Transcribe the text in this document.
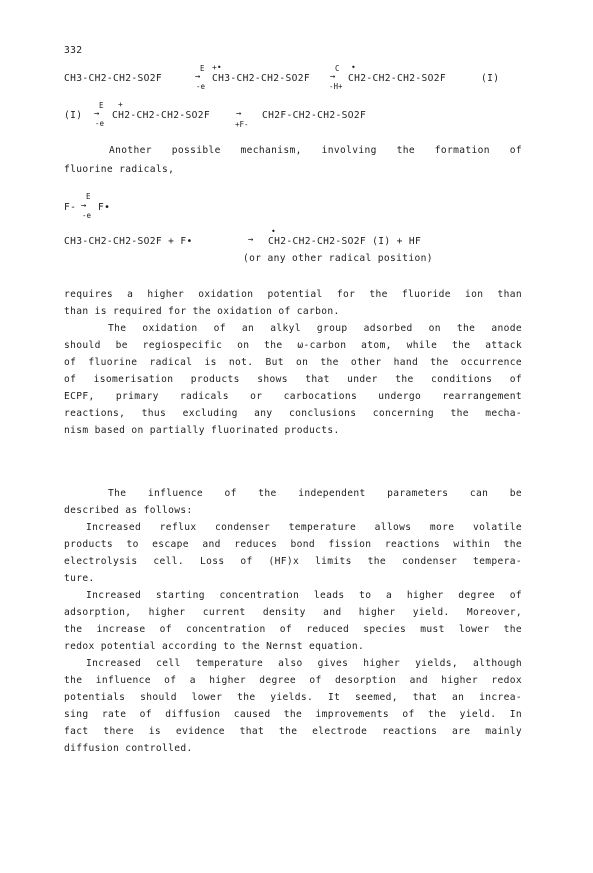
332
CH3-CH2-CH2-SO2F
E
→
-e
+•
CH3-CH2-CH2-SO2F
C
→
-H+
•
CH2-CH2-CH2-SO2F	(I)
(I)
E
→
-e
+
CH2-CH2-CH2-SO2F	→
+F-
CH2F-CH2-CH2-SO2F
Another possible mechanism, involving the formation of
fluorine radicals,
F-
E
→
-e
F•
CH3-CH2-CH2-SO2F + F•	→
•
CH2-CH2-CH2-SO2F (I) + HF
(or any other radical position)
requires a higher oxidation potential for the fluoride ion than
than is required for the oxidation of carbon.
The oxidation of an alkyl group adsorbed on the anode
should be regiospecific on the ω-carbon atom, while the attack
of fluorine radical is not. But on the other hand the occurrence
of isomerisation products shows that under the conditions of
ECPF, primary radicals or carbocations undergo rearrangement
reactions, thus excluding any conclusions concerning the mecha-
nism based on partially fluorinated products.
The influence of the independent parameters can be
described as follows:
Increased reflux condenser temperature allows more volatile
products to escape and reduces bond fission reactions within the
electrolysis cell. Loss of (HF)x limits the condenser tempera-
ture.
Increased starting concentration leads to a higher degree of
adsorption, higher current density and higher yield. Moreover,
the increase of concentration of reduced species must lower the
redox potential according to the Nernst equation.
Increased cell temperature also gives higher yields, although
the influence of a higher degree of desorption and higher redox
potentials should lower the yields. It seemed, that an increa-
sing rate of diffusion caused the improvements of the yield. In
fact there is evidence that the electrode reactions are mainly
diffusion controlled.
